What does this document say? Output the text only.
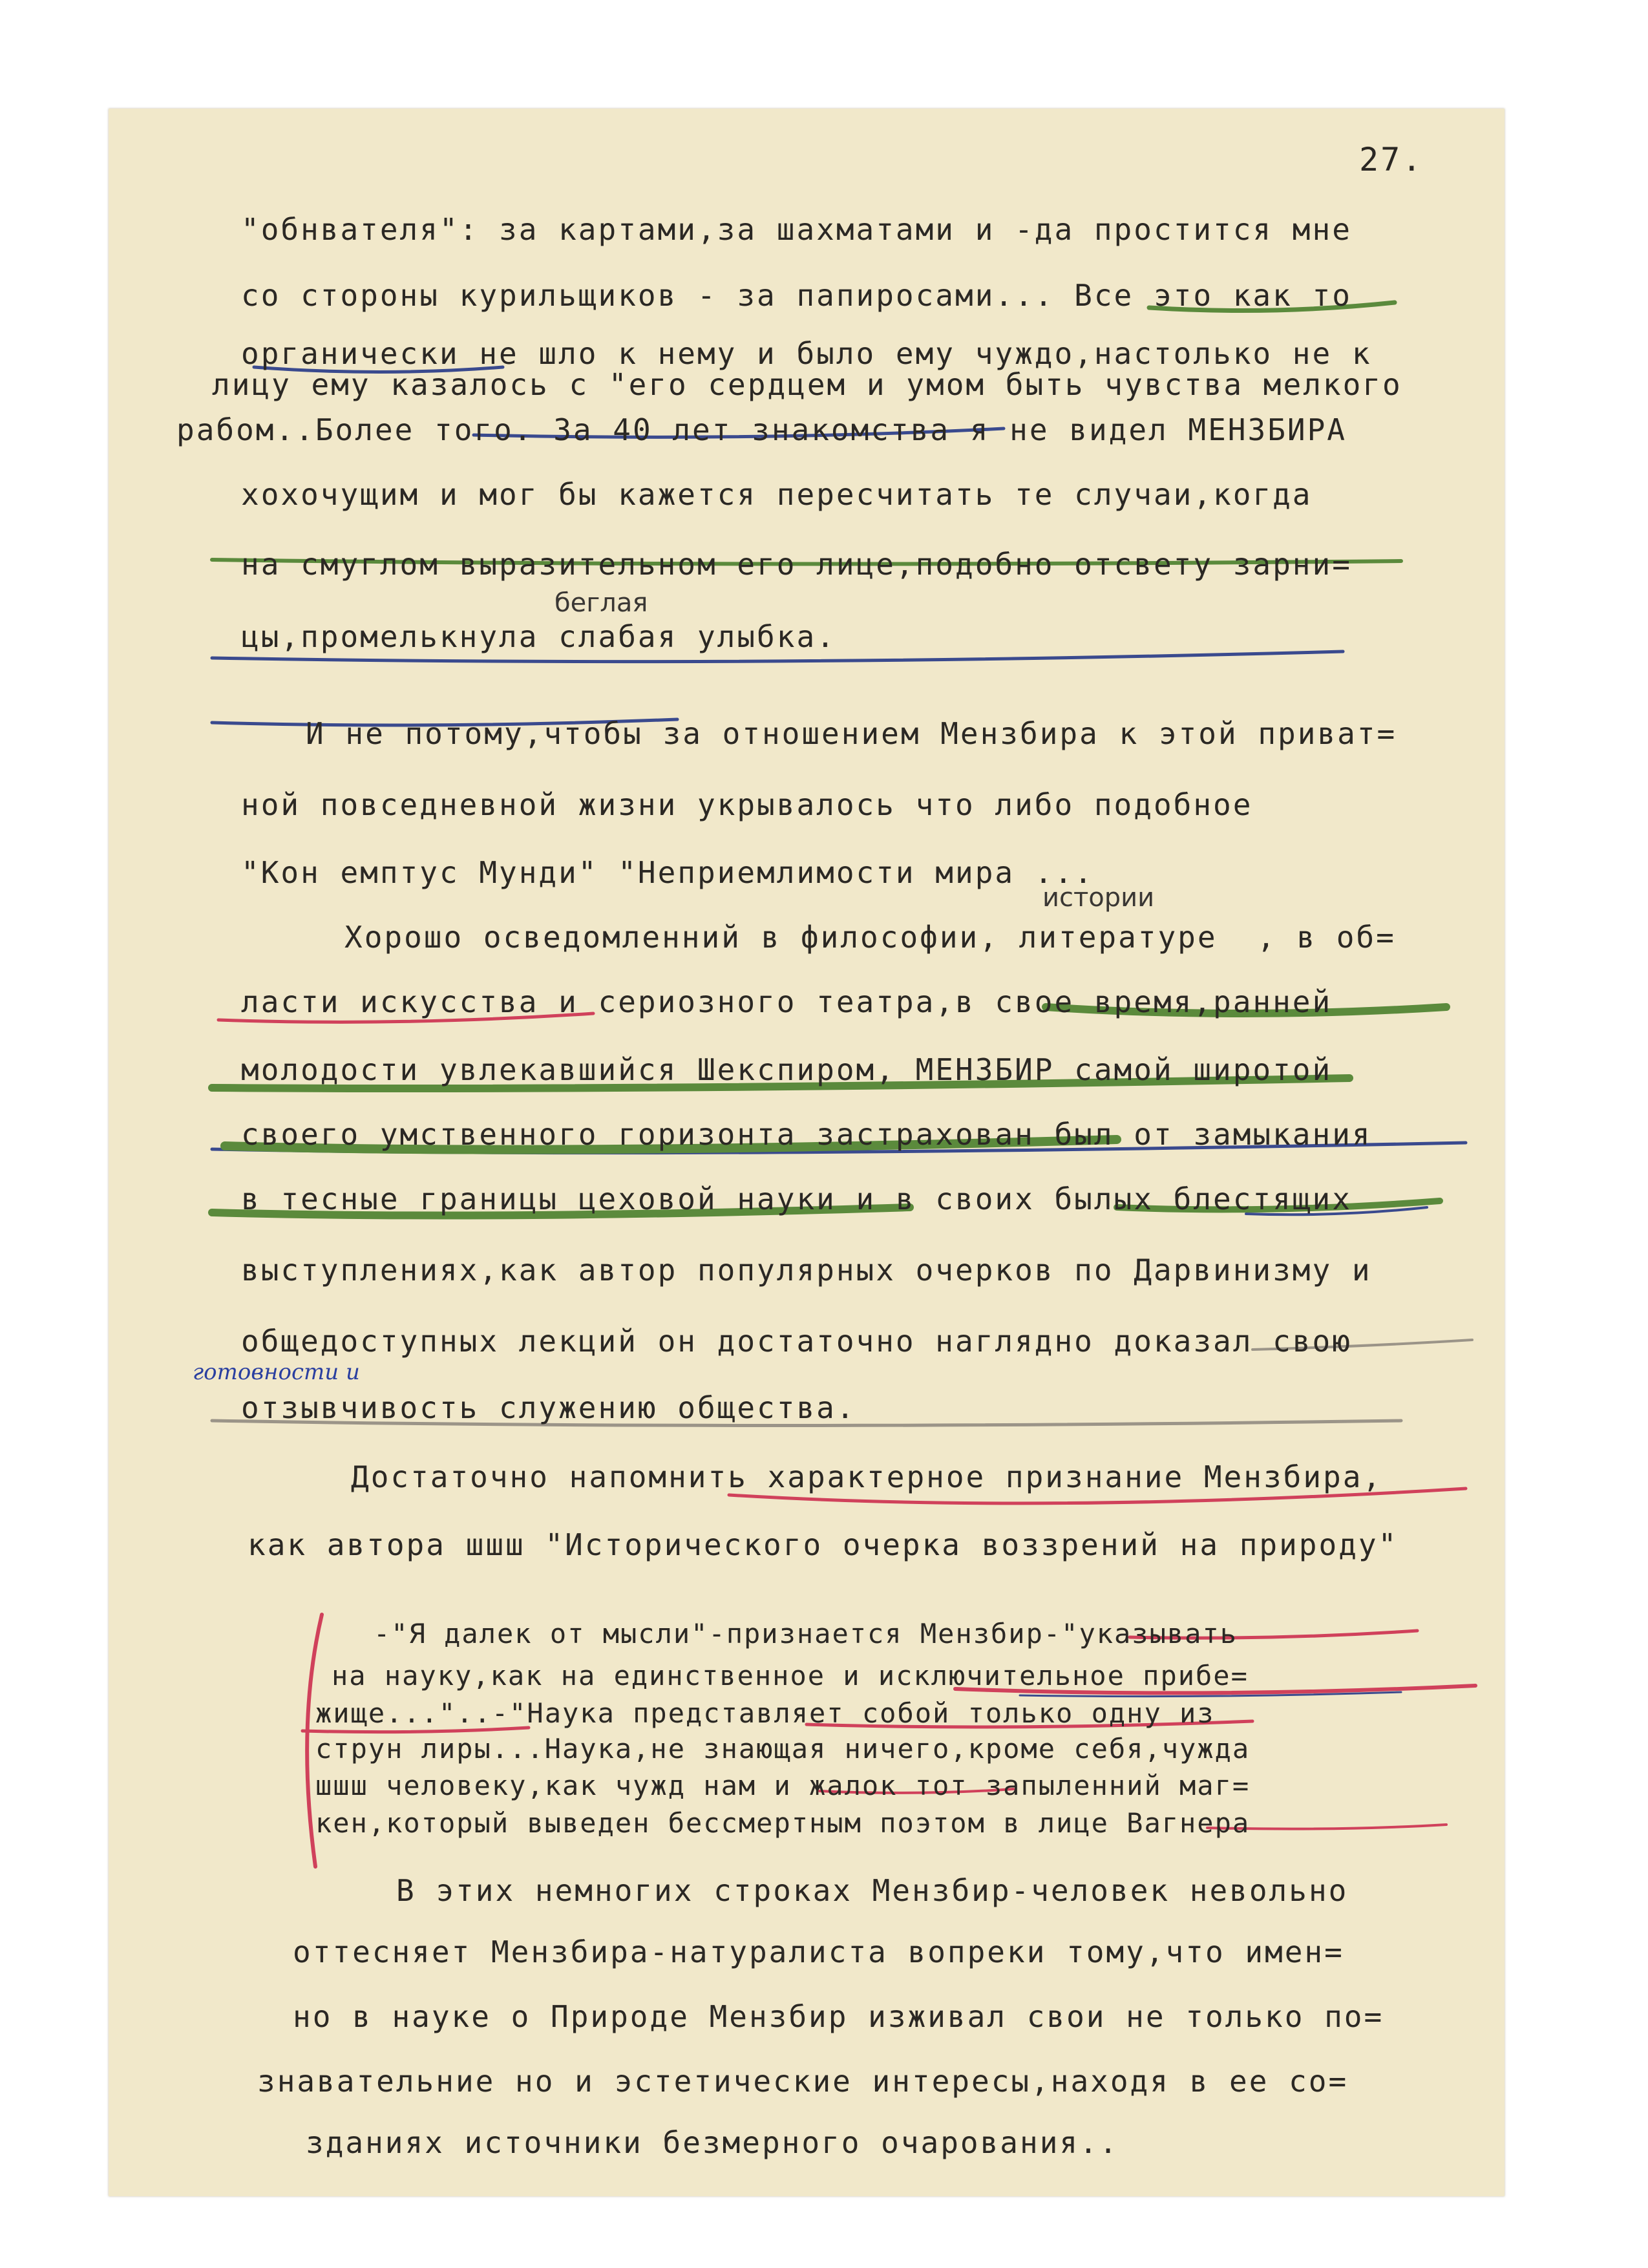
27.
"обнвателя": за картами,за шахматами и -да простится мне
со стороны курильщиков - за папиросами... Все это как то
органически не шло к нему и было ему чуждо,настолько не к
лицу ему казалось с "его сердцем и умом быть чувства мелкого
рабом..Более того. За 40 лет знакомства я не видел МЕНЗБИРА
хохочущим и мог бы кажется пересчитать те случаи,когда
на смуглом выразительном его лице,подобно отсвету зарни=
беглая
цы,промелькнула слабая улыбка.
И не потому,чтобы за отношением Мензбира к этой приват=
ной повседневной жизни укрывалось что либо подобное
"Кон емптус Мунди" "Неприемлимости мира ...
истории
Хорошо осведомленний в философии, литературе  , в об=
ласти искусства и сериозного театра,в свое время,ранней
молодости увлекавшийся Шекспиром, МЕНЗБИР самой широтой
своего умственного горизонта застрахован был от замыкания
в тесные границы цеховой науки и в своих былых блестящих
выступлениях,как автор популярных очерков по Дарвинизму и
общедоступных лекций он достаточно наглядно доказал свою
готовности и
отзывчивость служению общества.
Достаточно напомнить характерное признание Мензбира,
как автора шшш "Исторического очерка воззрений на природу"
-"Я далек от мысли"-признается Мензбир-"указывать
на науку,как на единственное и исключительное прибе=
жище..."..-"Наука представляет собой только одну из
струн лиры...Наука,не знающая ничего,кроме себя,чужда
шшш человеку,как чужд нам и жалок тот запыленний маг=
кен,который выведен бессмертным поэтом в лице Вагнера
В этих немногих строках Мензбир-человек невольно
оттесняет Мензбира-натуралиста вопреки тому,что имен=
но в науке о Природе Мензбир изживал свои не только по=
знавательние но и эстетические интересы,находя в ее со=
зданиях источники безмерного очарования..
